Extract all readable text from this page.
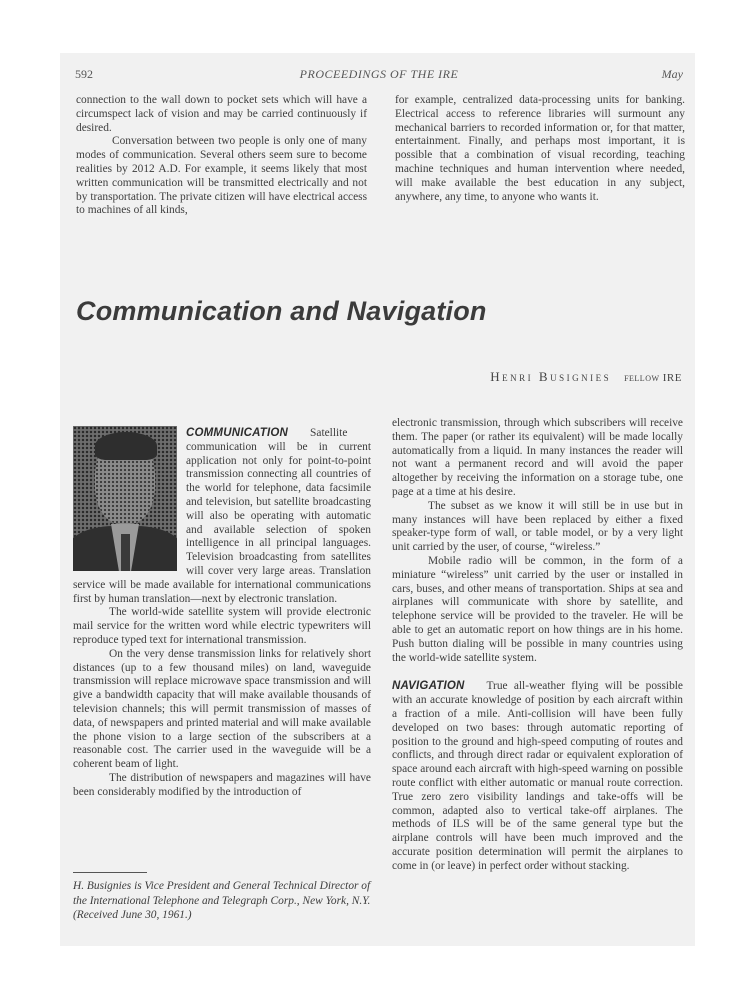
592	PROCEEDINGS OF THE IRE	May

connection to the wall down to pocket sets which will have a circumspect lack of vision and may be carried continuously if desired.

Conversation between two people is only one of many modes of communication. Several others seem sure to become realities by 2012 A.D. For example, it seems likely that most written communication will be transmitted electrically and not by transportation. The private citizen will have electrical access to machines of all kinds,

for example, centralized data-processing units for banking. Electrical access to reference libraries will surmount any mechanical barriers to recorded information or, for that matter, entertainment. Finally, and perhaps most important, it is possible that a combination of visual recording, teaching machine techniques and human intervention where needed, will make available the best education in any subject, anywhere, any time, to anyone who wants it.

Communication and Navigation
Henri Busignies fellow IRE

COMMUNICATION Satellite communication will be in current application not only for point-to-point transmission connecting all countries of the world for telephone, data facsimile and television, but satellite broadcasting will also be operating with automatic and available selection of spoken intelligence in all principal languages. Television broadcasting from satellites will cover very large areas. Translation service will be made available for international communications first by human translation—next by electronic translation.

The world-wide satellite system will provide electronic mail service for the written word while electric typewriters will reproduce typed text for international transmission.

On the very dense transmission links for relatively short distances (up to a few thousand miles) on land, waveguide transmission will replace microwave space transmission and will give a bandwidth capacity that will make available thousands of television channels; this will permit transmission of masses of data, of newspapers and printed material and will make available the phone vision to a large section of the subscribers at a reasonable cost. The carrier used in the waveguide will be a coherent beam of light.

The distribution of newspapers and magazines will have been considerably modified by the introduction of

H. Busignies is Vice President and General Technical Director of the International Telephone and Telegraph Corp., New York, N.Y. (Received June 30, 1961.)

electronic transmission, through which subscribers will receive them. The paper (or rather its equivalent) will be made locally automatically from a liquid. In many instances the reader will not want a permanent record and will avoid the paper altogether by receiving the information on a storage tube, one page at a time at his desire.

The subset as we know it will still be in use but in many instances will have been replaced by either a fixed speaker-type form of wall, or table model, or by a very light unit carried by the user, of course, “wireless.”

Mobile radio will be common, in the form of a miniature “wireless” unit carried by the user or installed in cars, buses, and other means of transportation. Ships at sea and airplanes will communicate with shore by satellite, and telephone service will be provided to the traveler. He will be able to get an automatic report on how things are in his home. Push button dialing will be possible in many countries using the world-wide satellite system.

NAVIGATION True all-weather flying will be possible with an accurate knowledge of position by each aircraft within a fraction of a mile. Anti-collision will have been fully developed on two bases: through automatic reporting of position to the ground and high-speed computing of routes and conflicts, and through direct radar or equivalent exploration of space around each aircraft with high-speed warning on possible route conflict with either automatic or manual route correction. True zero zero visibility landings and take-offs will be common, adapted also to vertical take-off airplanes. The methods of ILS will be of the same general type but the airplane controls will have been much improved and the accurate position determination will permit the airplanes to come in (or leave) in perfect order without stacking.
